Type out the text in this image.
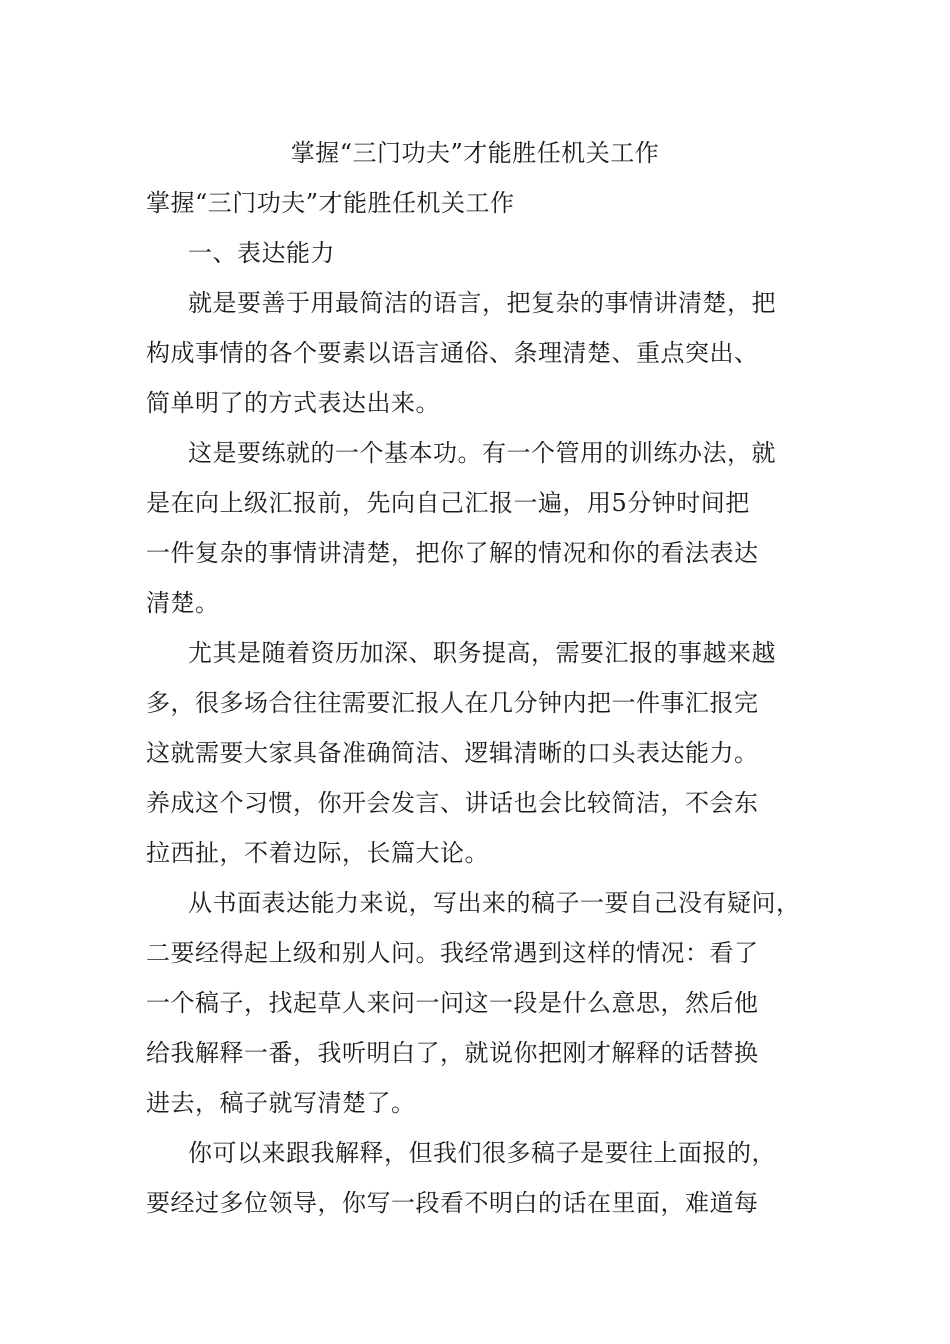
掌握“三门功夫”才能胜任机关工作
掌握“三门功夫”才能胜任机关工作
一、表达能力
就是要善于用最简洁的语言，把复杂的事情讲清楚，把
构成事情的各个要素以语言通俗、条理清楚、重点突出、
简单明了的方式表达出来。
这是要练就的一个基本功。有一个管用的训练办法，就
是在向上级汇报前，先向自己汇报一遍，用5分钟时间把
一件复杂的事情讲清楚，把你了解的情况和你的看法表达
清楚。
尤其是随着资历加深、职务提高，需要汇报的事越来越
多，很多场合往往需要汇报人在几分钟内把一件事汇报完
这就需要大家具备准确简洁、逻辑清晰的口头表达能力。
养成这个习惯，你开会发言、讲话也会比较简洁，不会东
拉西扯，不着边际，长篇大论。
从书面表达能力来说，写出来的稿子一要自己没有疑问，
二要经得起上级和别人问。我经常遇到这样的情况：看了
一个稿子，找起草人来问一问这一段是什么意思，然后他
给我解释一番，我听明白了，就说你把刚才解释的话替换
进去，稿子就写清楚了。
你可以来跟我解释，但我们很多稿子是要往上面报的，
要经过多位领导，你写一段看不明白的话在里面，难道每
